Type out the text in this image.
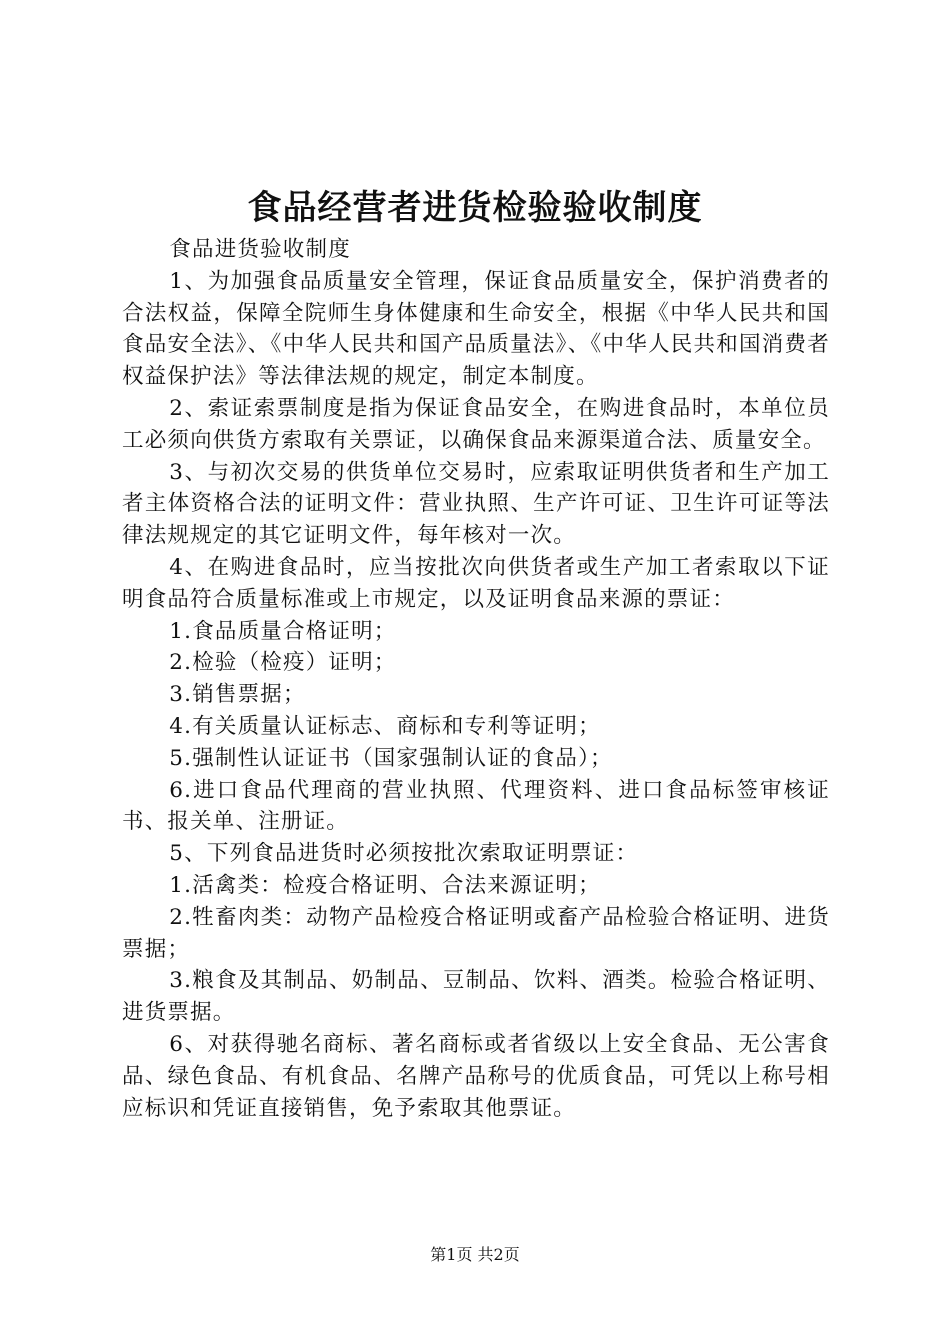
食品经营者进货检验验收制度

食品进货验收制度

1、为加强食品质量安全管理，保证食品质量安全，保护消费者的合法权益，保障全院师生身体健康和生命安全，根据《中华人民共和国食品安全法》、《中华人民共和国产品质量法》、《中华人民共和国消费者权益保护法》等法律法规的规定，制定本制度。

2、索证索票制度是指为保证食品安全，在购进食品时，本单位员工必须向供货方索取有关票证，以确保食品来源渠道合法、质量安全。

3、与初次交易的供货单位交易时，应索取证明供货者和生产加工者主体资格合法的证明文件：营业执照、生产许可证、卫生许可证等法律法规规定的其它证明文件，每年核对一次。

4、在购进食品时，应当按批次向供货者或生产加工者索取以下证明食品符合质量标准或上市规定，以及证明食品来源的票证：

1.食品质量合格证明；

2.检验（检疫）证明；

3.销售票据；

4.有关质量认证标志、商标和专利等证明；

5.强制性认证证书（国家强制认证的食品）；

6.进口食品代理商的营业执照、代理资料、进口食品标签审核证书、报关单、注册证。

5、下列食品进货时必须按批次索取证明票证：

1.活禽类：检疫合格证明、合法来源证明；

2.牲畜肉类：动物产品检疫合格证明或畜产品检验合格证明、进货票据；

3.粮食及其制品、奶制品、豆制品、饮料、酒类。检验合格证明、进货票据。

6、对获得驰名商标、著名商标或者省级以上安全食品、无公害食品、绿色食品、有机食品、名牌产品称号的优质食品，可凭以上称号相应标识和凭证直接销售，免予索取其他票证。

第1页 共2页
